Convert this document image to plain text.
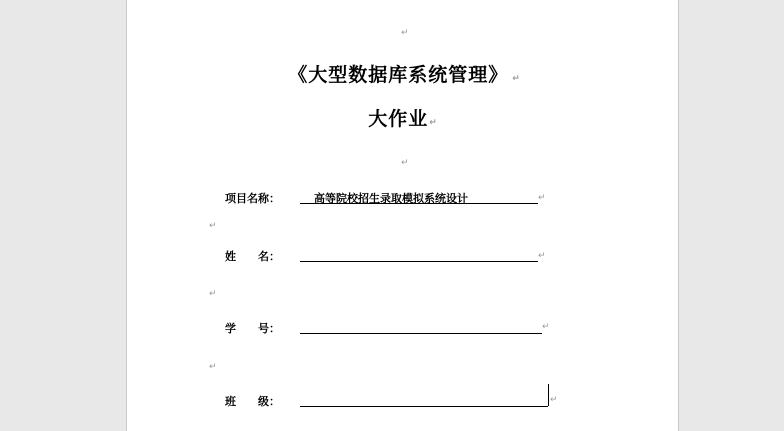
↵
《大型数据库系统管理》 ↵
大作业↵
↵
项目名称：	高等院校招生录取模拟系统设计	↵
↵
姓　　名：	↵
↵
学　　号：	↵
↵
班　　级：	↵
